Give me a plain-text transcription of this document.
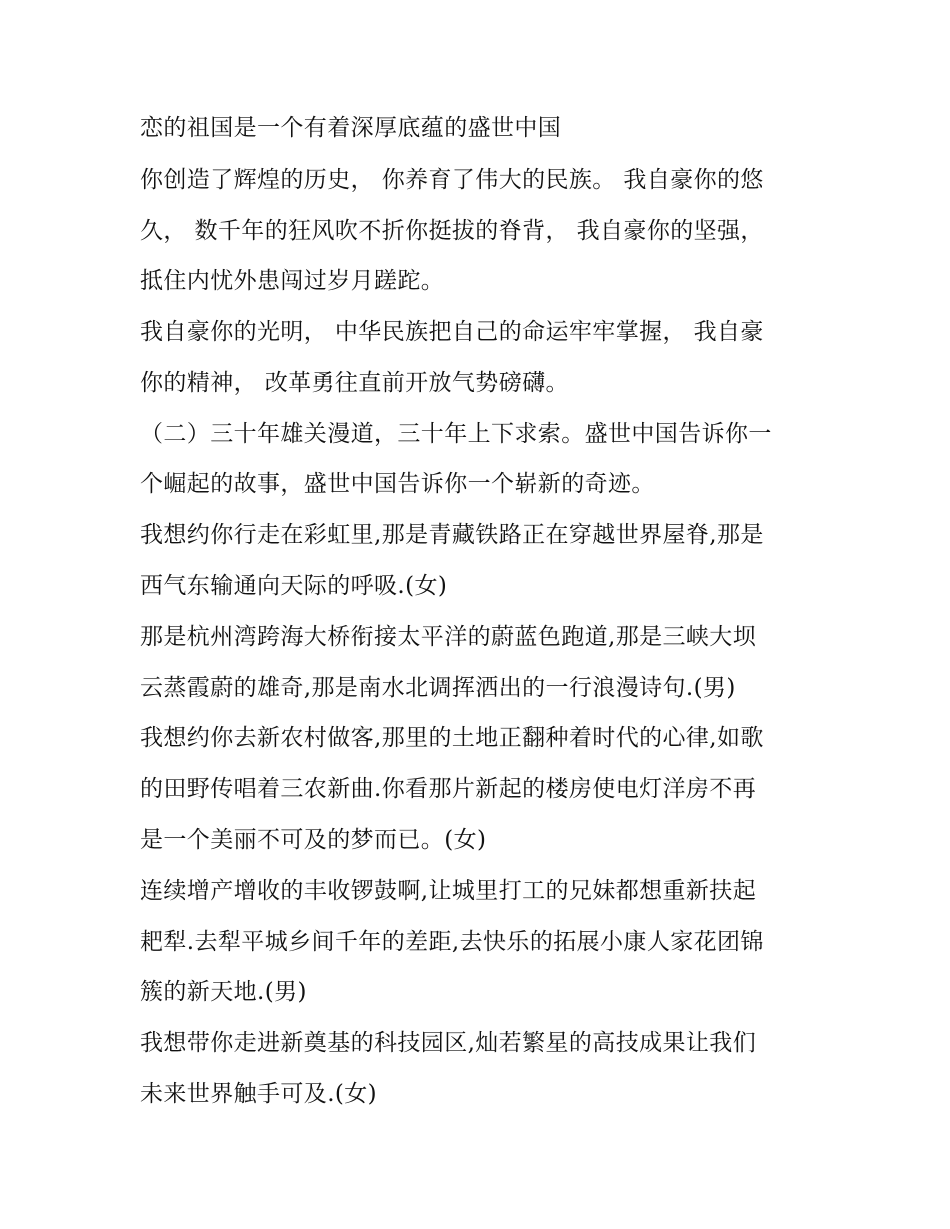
恋的祖国是一个有着深厚底蕴的盛世中国
你创造了辉煌的历史， 你养育了伟大的民族。 我自豪你的悠
久， 数千年的狂风吹不折你挺拔的脊背， 我自豪你的坚强，
抵住内忧外患闯过岁月蹉跎。
我自豪你的光明， 中华民族把自己的命运牢牢掌握， 我自豪
你的精神， 改革勇往直前开放气势磅礴。
（二）三十年雄关漫道，三十年上下求索。盛世中国告诉你一
个崛起的故事，盛世中国告诉你一个崭新的奇迹。
我想约你行走在彩虹里,那是青藏铁路正在穿越世界屋脊,那是
西气东输通向天际的呼吸.(女)
那是杭州湾跨海大桥衔接太平洋的蔚蓝色跑道,那是三峡大坝
云蒸霞蔚的雄奇,那是南水北调挥洒出的一行浪漫诗句.(男)
我想约你去新农村做客,那里的土地正翻种着时代的心律,如歌
的田野传唱着三农新曲.你看那片新起的楼房使电灯洋房不再
是一个美丽不可及的梦而已。(女)
连续增产增收的丰收锣鼓啊,让城里打工的兄妹都想重新扶起
耙犁.去犁平城乡间千年的差距,去快乐的拓展小康人家花团锦
簇的新天地.(男)
我想带你走进新奠基的科技园区,灿若繁星的高技成果让我们
未来世界触手可及.(女)
